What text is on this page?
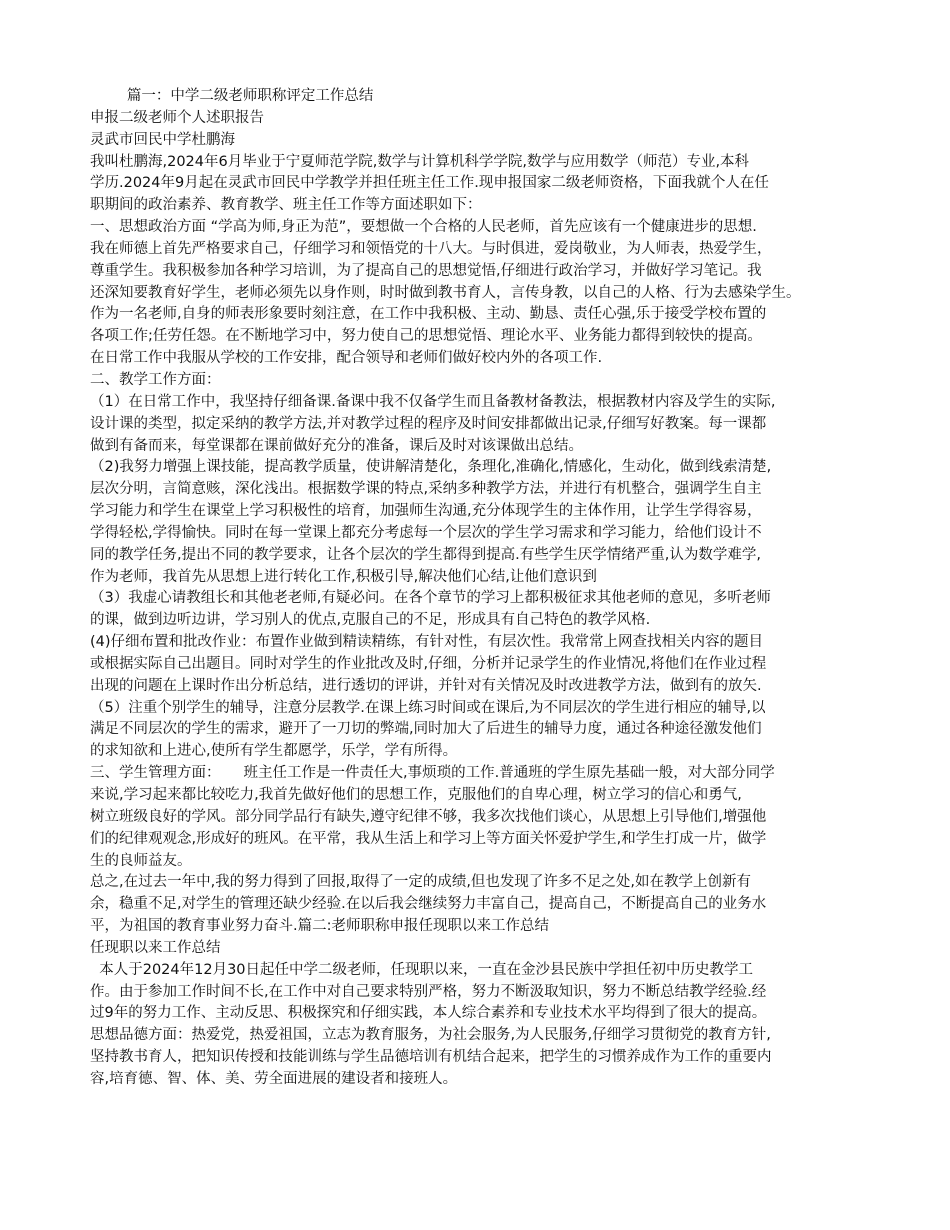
篇一：中学二级老师职称评定工作总结
申报二级老师个人述职报告
灵武市回民中学杜鹏海
我叫杜鹏海,2024年6月毕业于宁夏师范学院,数学与计算机科学学院,数学与应用数学（师范）专业,本科
学历.2024年9月起在灵武市回民中学教学并担任班主任工作.现申报国家二级老师资格，下面我就个人在任
职期间的政治素养、教育教学、班主任工作等方面述职如下：
一、思想政治方面 “学高为师,身正为范”，要想做一个合格的人民老师，首先应该有一个健康进步的思想.
我在师德上首先严格要求自己，仔细学习和领悟党的十八大。与时俱进，爱岗敬业，为人师表，热爱学生，
尊重学生。我积极参加各种学习培训，为了提高自己的思想觉悟,仔细进行政治学习，并做好学习笔记。我
还深知要教育好学生，老师必须先以身作则，时时做到教书育人，言传身教，以自己的人格、行为去感染学生。
作为一名老师,自身的师表形象要时刻注意，在工作中我积极、主动、勤恳、责任心强,乐于接受学校布置的
各项工作;任劳任怨。在不断地学习中，努力使自己的思想觉悟、理论水平、业务能力都得到较快的提高。
在日常工作中我服从学校的工作安排，配合领导和老师们做好校内外的各项工作.
二、教学工作方面：
（1）在日常工作中，我坚持仔细备课.备课中我不仅备学生而且备教材备教法，根据教材内容及学生的实际,
设计课的类型，拟定采纳的教学方法,并对教学过程的程序及时间安排都做出记录,仔细写好教案。每一课都
做到有备而来，每堂课都在课前做好充分的准备，课后及时对该课做出总结。
（2)我努力增强上课技能，提高教学质量，使讲解清楚化，条理化,准确化,情感化，生动化，做到线索清楚,
层次分明，言简意赅，深化浅出。根据数学课的特点,采纳多种教学方法，并进行有机整合，强调学生自主
学习能力和学生在课堂上学习积极性的培育，加强师生沟通,充分体现学生的主体作用，让学生学得容易，
学得轻松,学得愉快。同时在每一堂课上都充分考虑每一个层次的学生学习需求和学习能力，给他们设计不
同的教学任务,提出不同的教学要求，让各个层次的学生都得到提高.有些学生厌学情绪严重,认为数学难学,
作为老师，我首先从思想上进行转化工作,积极引导,解决他们心结,让他们意识到
（3）我虚心请教组长和其他老老师,有疑必问。在各个章节的学习上都积极征求其他老师的意见，多听老师
的课，做到边听边讲，学习别人的优点,克服自己的不足，形成具有自己特色的教学风格.
(4)仔细布置和批改作业：布置作业做到精读精练，有针对性，有层次性。我常常上网查找相关内容的题目
或根据实际自己出题目。同时对学生的作业批改及时,仔细，分析并记录学生的作业情况,将他们在作业过程
出现的问题在上课时作出分析总结，进行透切的评讲，并针对有关情况及时改进教学方法，做到有的放矢.
（5）注重个别学生的辅导，注意分层教学.在课上练习时间或在课后,为不同层次的学生进行相应的辅导,以
满足不同层次的学生的需求，避开了一刀切的弊端,同时加大了后进生的辅导力度，通过各种途径激发他们
的求知欲和上进心,使所有学生都愿学，乐学，学有所得。
三、学生管理方面：     班主任工作是一件责任大,事烦琐的工作.普通班的学生原先基础一般，对大部分同学
来说,学习起来都比较吃力,我首先做好他们的思想工作，克服他们的自卑心理，树立学习的信心和勇气,
树立班级良好的学风。部分同学品行有缺失,遵守纪律不够，我多次找他们谈心，从思想上引导他们,增强他
们的纪律观观念,形成好的班风。在平常，我从生活上和学习上等方面关怀爱护学生,和学生打成一片，做学
生的良师益友。
总之,在过去一年中,我的努力得到了回报,取得了一定的成绩,但也发现了许多不足之处,如在教学上创新有
余，稳重不足,对学生的管理还缺少经验.在以后我会继续努力丰富自己，提高自己，不断提高自己的业务水
平，为祖国的教育事业努力奋斗.篇二:老师职称申报任现职以来工作总结
任现职以来工作总结
本人于2024年12月30日起任中学二级老师，任现职以来，一直在金沙县民族中学担任初中历史教学工
作。由于参加工作时间不长,在工作中对自己要求特别严格，努力不断汲取知识，努力不断总结教学经验.经
过9年的努力工作、主动反思、积极探究和仔细实践，本人综合素养和专业技术水平均得到了很大的提高。
思想品德方面：热爱党，热爱祖国，立志为教育服务，为社会服务,为人民服务,仔细学习贯彻党的教育方针,
坚持教书育人，把知识传授和技能训练与学生品德培训有机结合起来，把学生的习惯养成作为工作的重要内
容,培育德、智、体、美、劳全面进展的建设者和接班人。
